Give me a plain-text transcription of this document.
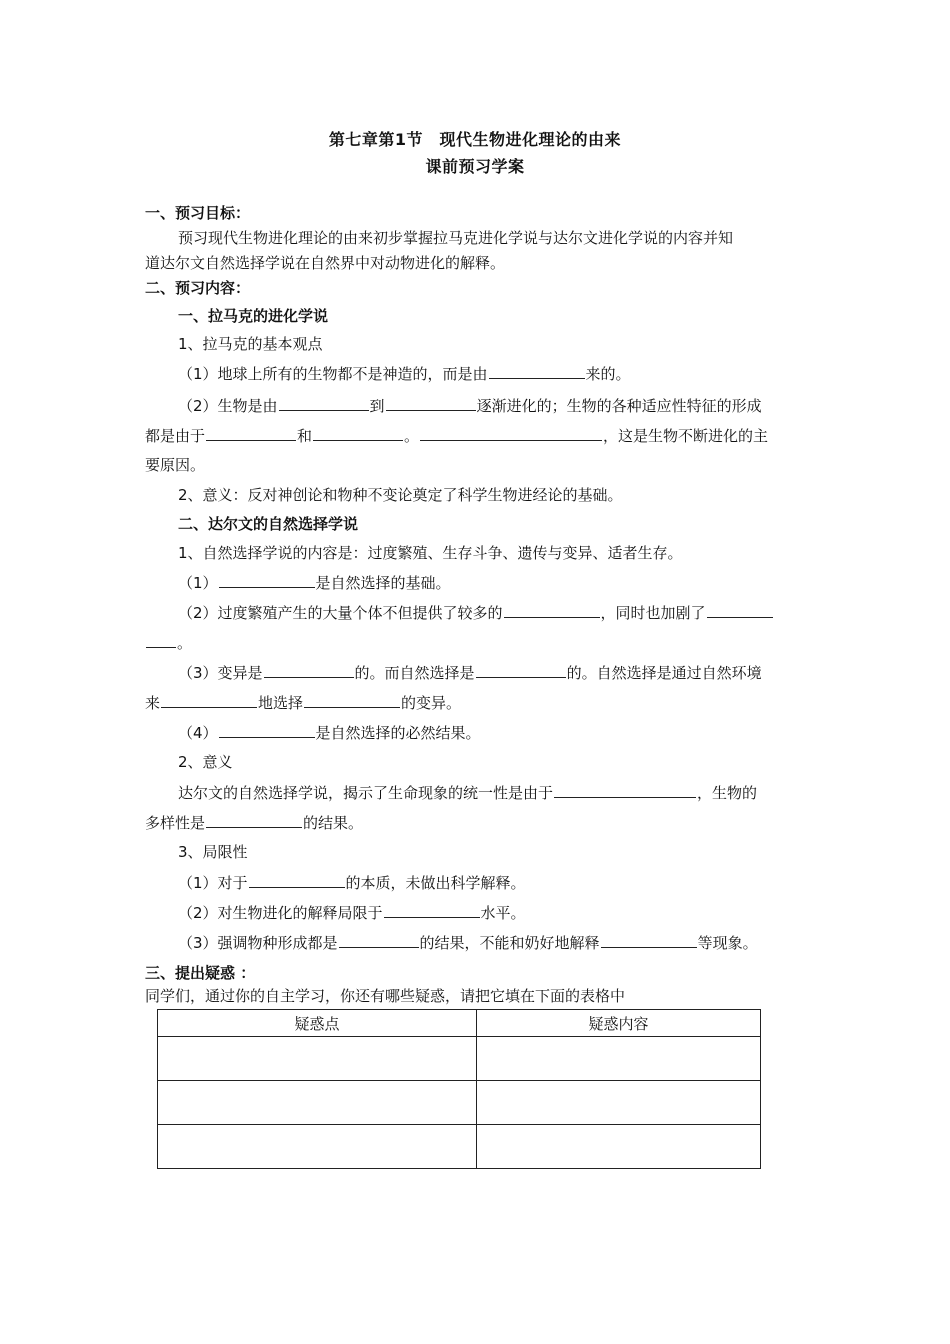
第七章第1节　现代生物进化理论的由来
课前预习学案
一、预习目标：
预习现代生物进化理论的由来初步掌握拉马克进化学说与达尔文进化学说的内容并知
道达尔文自然选择学说在自然界中对动物进化的解释。
二、预习内容：
一、拉马克的进化学说
1、拉马克的基本观点
（1）地球上所有的生物都不是神造的，而是由	来的。
（2）生物是由	到	逐渐进化的；生物的各种适应性特征的形成
都是由于	和	。	，这是生物不断进化的主
要原因。
2、意义：反对神创论和物种不变论奠定了科学生物进经论的基础。
二、达尔文的自然选择学说
1、自然选择学说的内容是：过度繁殖、生存斗争、遗传与变异、适者生存。
（1）	是自然选择的基础。
（2）过度繁殖产生的大量个体不但提供了较多的	，同时也加剧了
。
（3）变异是	的。而自然选择是	的。自然选择是通过自然环境
来	地选择	的变异。
（4）	是自然选择的必然结果。
2、意义
达尔文的自然选择学说，揭示了生命现象的统一性是由于	，生物的
多样性是	的结果。
3、局限性
（1）对于	的本质，未做出科学解释。
（2）对生物进化的解释局限于	水平。
（3）强调物种形成都是	的结果，不能和奶好地解释	等现象。
三、提出疑惑 ：
同学们，通过你的自主学习，你还有哪些疑惑，请把它填在下面的表格中
疑惑点	疑惑内容
